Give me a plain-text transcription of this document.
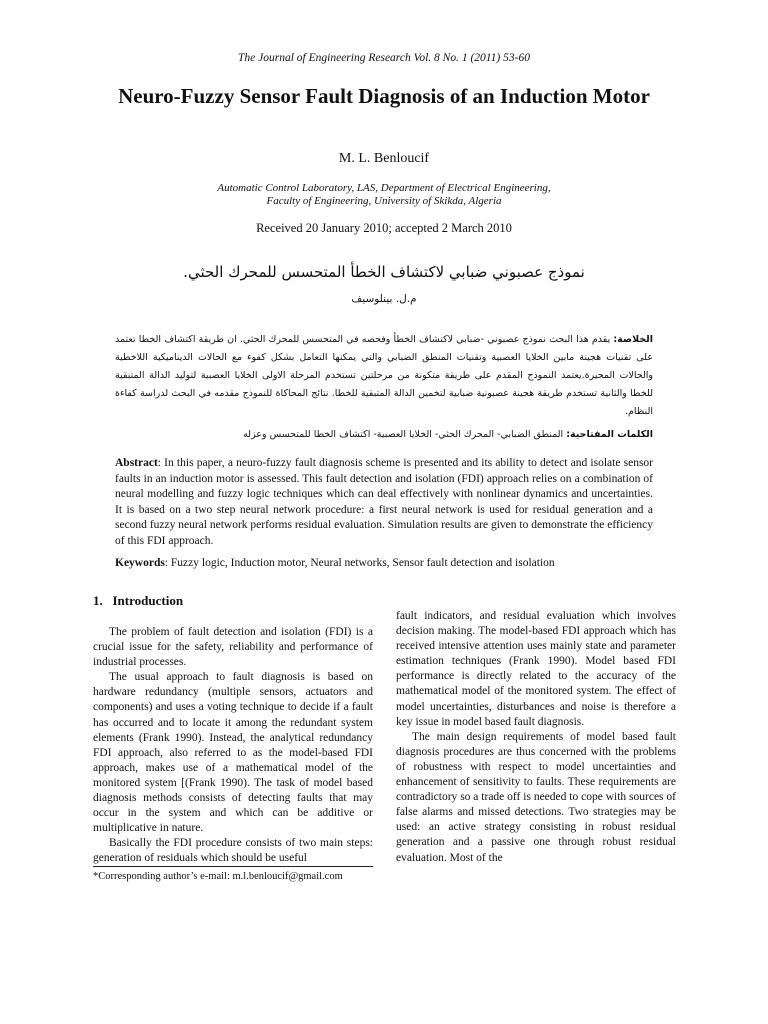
The Journal of Engineering Research Vol. 8 No. 1 (2011) 53-60
Neuro-Fuzzy Sensor Fault Diagnosis of an Induction Motor
M. L. Benloucif
Automatic Control Laboratory, LAS, Department of Electrical Engineering,
Faculty of Engineering, University of Skikda, Algeria
Received 20 January 2010; accepted 2 March 2010
نموذج عصبوني ضبابي لاكتشاف الخطأ المتحسس للمحرك الحثي.
م.ل. بينلوسيف
الخلاصة: يقدم هذا البحث نموذج عصبوني -ضبابي لاكتشاف الخطأ وفحصه في المتحسس للمحرك الحثي. ان طريقة اكتشاف الخطا تعتمد على تقنيات هجينة مابين الخلايا العصبية وتقنيات المنطق الضبابي والتي يمكنها التعامل بشكل كفوء مع الحالات الديناميكية اللاخطية والحالات المحيرة.يعتمد النموذج المقدم على طريقة متكونة من مرحلتين تستخدم المرحلة الاولى الخلايا العصبية لتوليد الدالة المتبقية للخطا والثانية تستخدم طريقة هجينة عصبونية ضبابية لتخمين الدالة المتبقية للخطا. نتائج المحاكاة للنموذج مقدمه في البحث لدراسة كفاءة النظام.
الكلمات المفتاحية: المنطق الضبابي- المحرك الحثي- الخلايا العصبية- اكتشاف الخطا للمتحسس وعزله
Abstract: In this paper, a neuro-fuzzy fault diagnosis scheme is presented and its ability to detect and isolate sensor faults in an induction motor is assessed. This fault detection and isolation (FDI) approach relies on a combination of neural modelling and fuzzy logic techniques which can deal effectively with nonlinear dynamics and uncertainties. It is based on a two step neural network procedure: a first neural network is used for residual generation and a second fuzzy neural network performs residual evaluation. Simulation results are given to demonstrate the efficiency of this FDI approach.
Keywords: Fuzzy logic, Induction motor, Neural networks, Sensor fault detection and isolation
1. Introduction

The problem of fault detection and isolation (FDI) is a crucial issue for the safety, reliability and performance of industrial processes.

The usual approach to fault diagnosis is based on hardware redundancy (multiple sensors, actuators and components) and uses a voting technique to decide if a fault has occurred and to locate it among the redundant system elements (Frank 1990). Instead, the analytical redundancy FDI approach, also referred to as the model-based FDI approach, makes use of a mathematical model of the monitored system [(Frank 1990). The task of model based diagnosis methods consists of detecting faults that may occur in the system and which can be additive or multiplicative in nature.

Basically the FDI procedure consists of two main steps: generation of residuals which should be useful

fault indicators, and residual evaluation which involves decision making. The model-based FDI approach which has received intensive attention uses mainly state and parameter estimation techniques (Frank 1990). Model based FDI performance is directly related to the accuracy of the mathematical model of the monitored system. The effect of model uncertainties, disturbances and noise is therefore a key issue in model based fault diagnosis.

The main design requirements of model based fault diagnosis procedures are thus concerned with the problems of robustness with respect to model uncertainties and enhancement of sensitivity to faults. These requirements are contradictory so a trade off is needed to cope with sources of false alarms and missed detections. Two strategies may be used: an active strategy consisting in robust residual generation and a passive one through robust residual evaluation. Most of the

*Corresponding author’s e-mail: m.l.benloucif@gmail.com
